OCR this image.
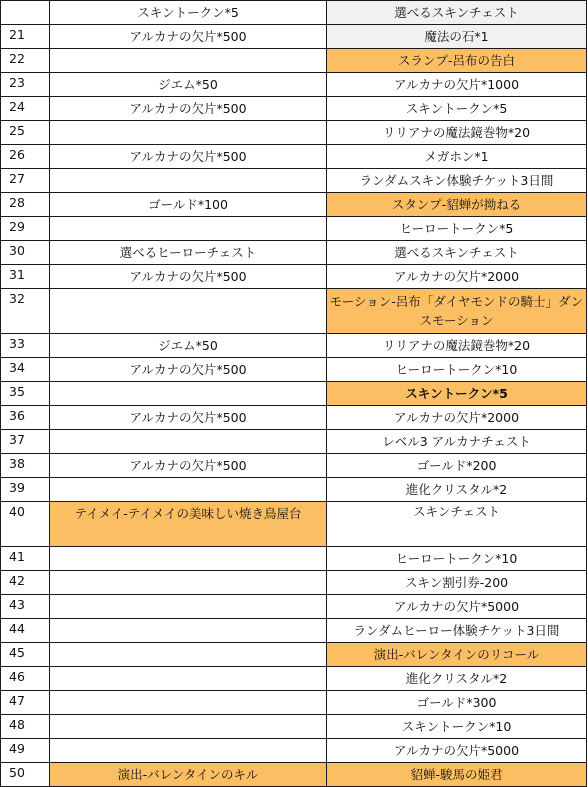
	スキントークン*5	選べるスキンチェスト
21	アルカナの欠片*500	魔法の石*1
22		スランプ-呂布の告白
23	ジエム*50	アルカナの欠片*1000
24	アルカナの欠片*500	スキントークン*5
25		リリアナの魔法鏡巻物*20
26	アルカナの欠片*500	メガホン*1
27		ランダムスキン体験チケット3日間
28	ゴールド*100	スタンプ-貂蝉が拗ねる
29		ヒーロートークン*5
30	選べるヒーローチェスト	選べるスキンチェスト
31	アルカナの欠片*500	アルカナの欠片*2000
32		モーション-呂布「ダイヤモンドの騎士」ダンスモーション
33	ジエム*50	リリアナの魔法鏡巻物*20
34	アルカナの欠片*500	ヒーロートークン*10
35		スキントークン*5
36	アルカナの欠片*500	アルカナの欠片*2000
37		レベル3 アルカナチェスト
38	アルカナの欠片*500	ゴールド*200
39		進化クリスタル*2
40	テイメイ-テイメイの美味しい焼き鳥屋台	スキンチェスト
41		ヒーロートークン*10
42		スキン割引券-200
43		アルカナの欠片*5000
44		ランダムヒーロー体験チケット3日間
45		演出-バレンタインのリコール
46		進化クリスタル*2
47		ゴールド*300
48		スキントークン*10
49		アルカナの欠片*5000
50	演出-バレンタインのキル	貂蝉-駿馬の姫君
